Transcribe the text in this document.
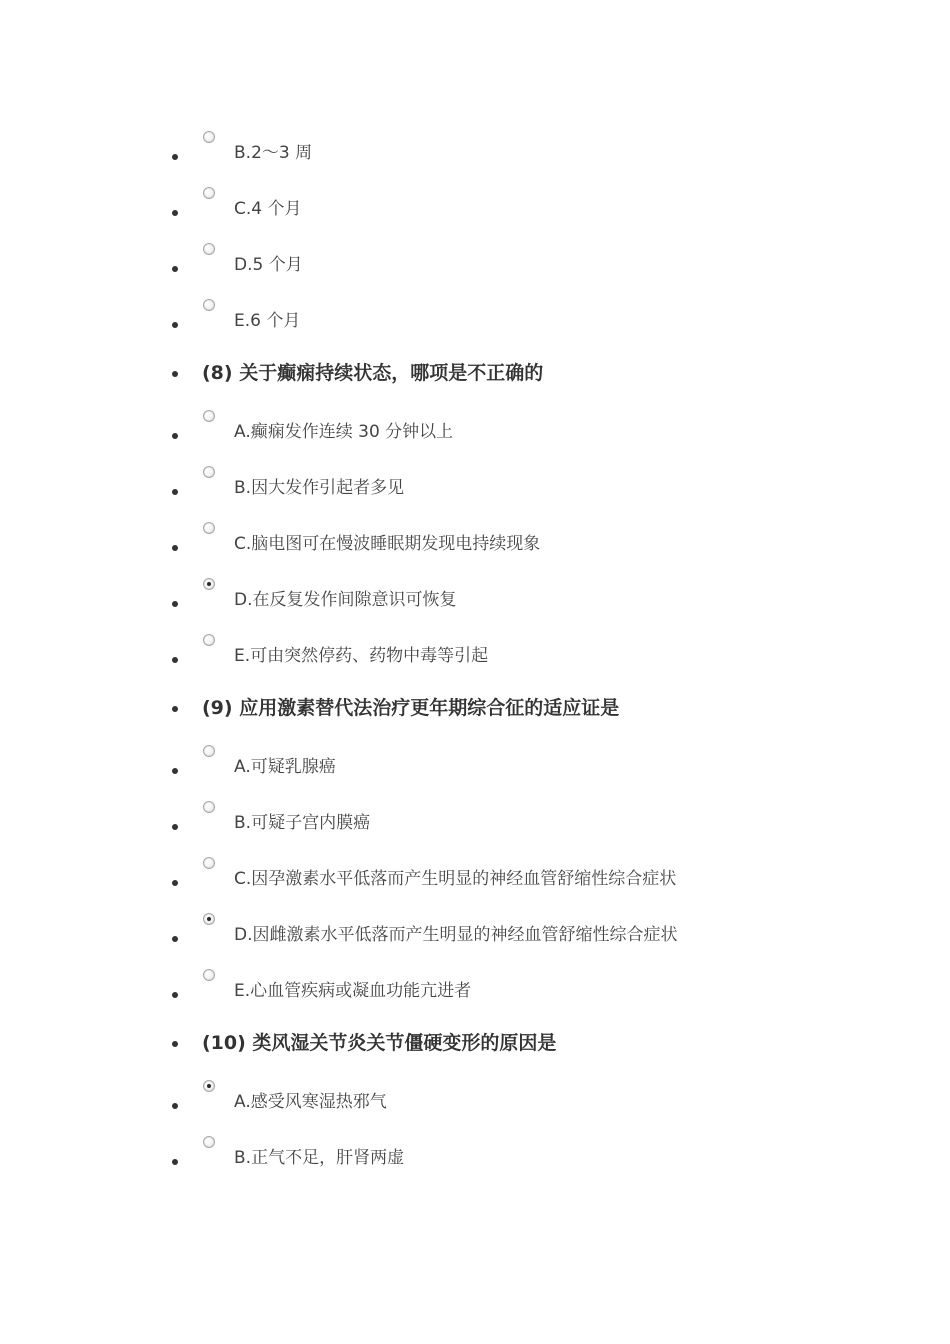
B.2～3 周
C.4 个月
D.5 个月
E.6 个月
(8) 关于癫痫持续状态，哪项是不正确的
A.癫痫发作连续 30 分钟以上
B.因大发作引起者多见
C.脑电图可在慢波睡眠期发现电持续现象
D.在反复发作间隙意识可恢复
E.可由突然停药、药物中毒等引起
(9) 应用激素替代法治疗更年期综合征的适应证是
A.可疑乳腺癌
B.可疑子宫内膜癌
C.因孕激素水平低落而产生明显的神经血管舒缩性综合症状
D.因雌激素水平低落而产生明显的神经血管舒缩性综合症状
E.心血管疾病或凝血功能亢进者
(10) 类风湿关节炎关节僵硬变形的原因是
A.感受风寒湿热邪气
B.正气不足，肝肾两虚
